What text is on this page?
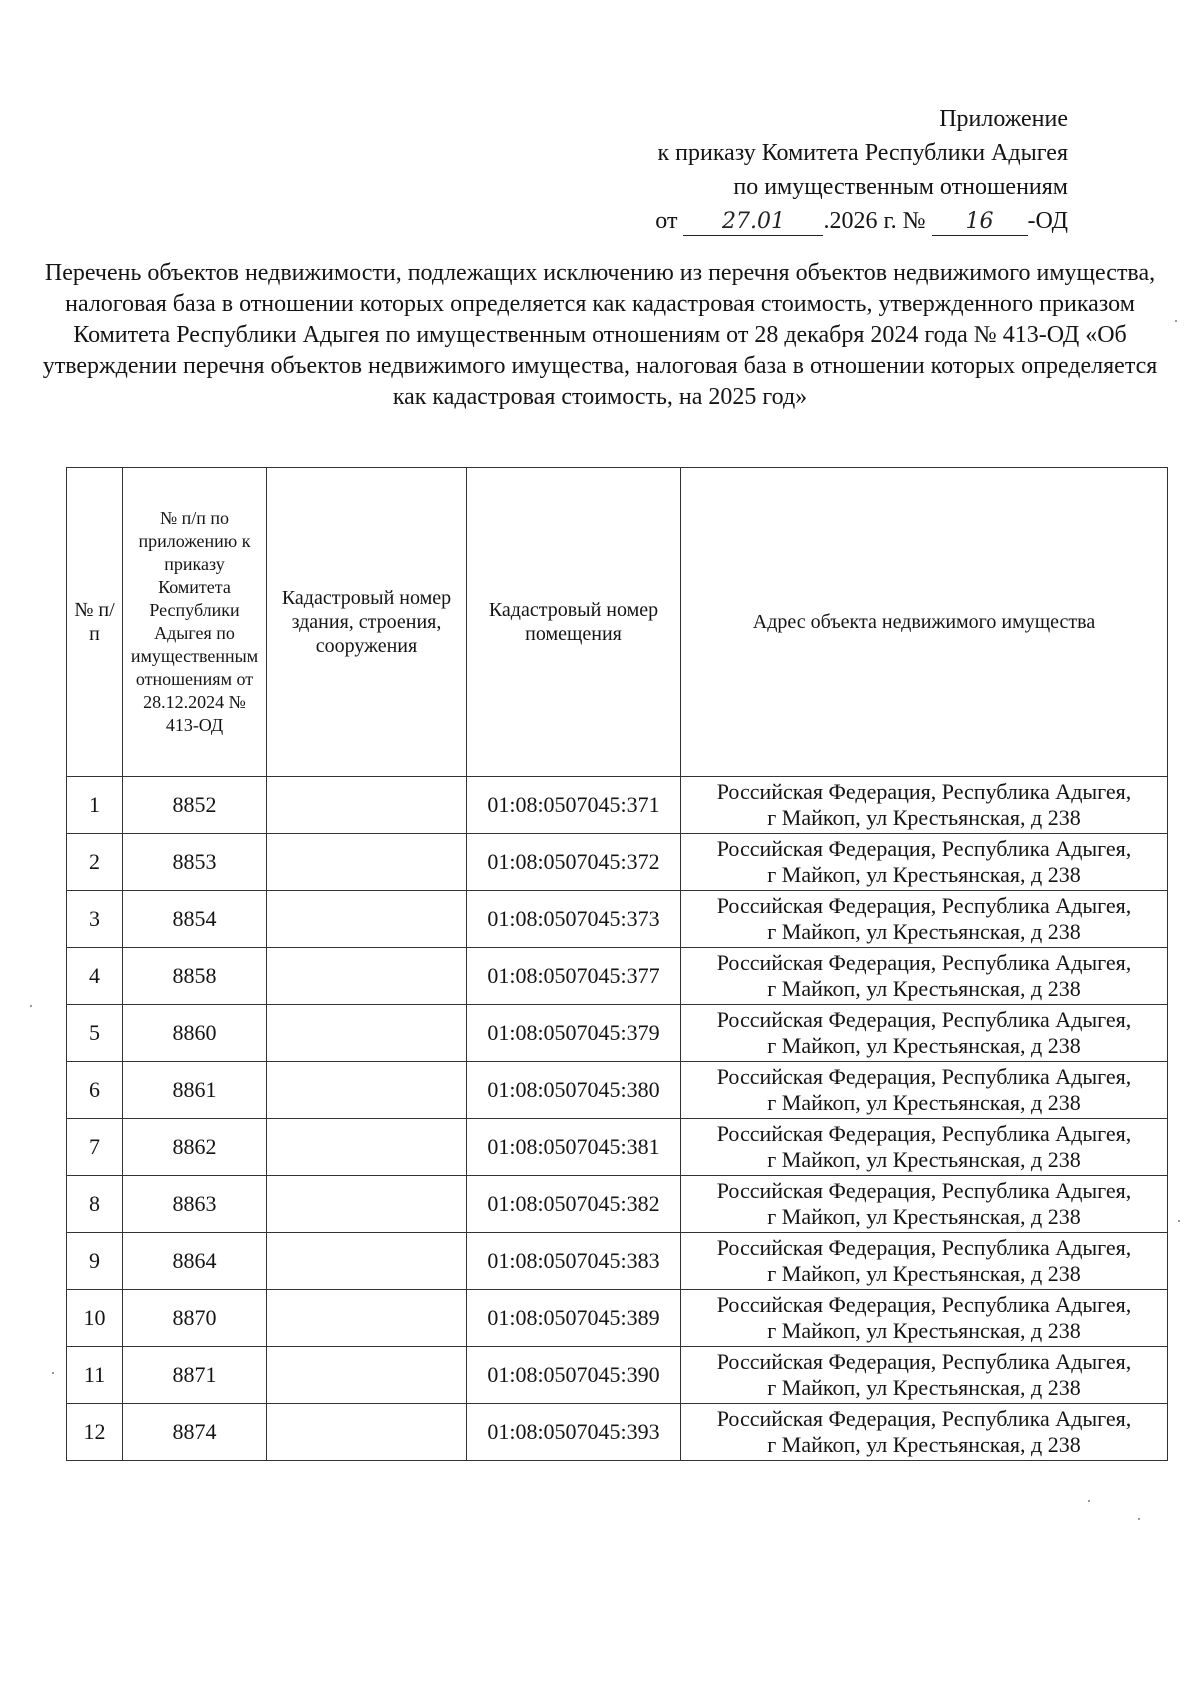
Приложение
к приказу Комитета Республики Адыгея
по имущественным отношениям
от 27.01 .2026 г. № 16 -ОД
Перечень объектов недвижимости, подлежащих исключению из перечня объектов недвижимого имущества, налоговая база в отношении которых определяется как кадастровая стоимость, утвержденного приказом Комитета Республики Адыгея по имущественным отношениям от 28 декабря 2024 года № 413-ОД «Об утверждении перечня объектов недвижимого имущества, налоговая база в отношении которых определяется как кадастровая стоимость, на 2025 год»
№ п/п	№ п/п по приложению к приказу Комитета Республики Адыгея по имущественным отношениям от 28.12.2024 № 413-ОД	Кадастровый номер здания, строения, сооружения	Кадастровый номер помещения	Адрес объекта недвижимого имущества
1	8852		01:08:0507045:371	Российская Федерация, Республика Адыгея,
г Майкоп, ул Крестьянская, д 238
2	8853		01:08:0507045:372	Российская Федерация, Республика Адыгея,
г Майкоп, ул Крестьянская, д 238
3	8854		01:08:0507045:373	Российская Федерация, Республика Адыгея,
г Майкоп, ул Крестьянская, д 238
4	8858		01:08:0507045:377	Российская Федерация, Республика Адыгея,
г Майкоп, ул Крестьянская, д 238
5	8860		01:08:0507045:379	Российская Федерация, Республика Адыгея,
г Майкоп, ул Крестьянская, д 238
6	8861		01:08:0507045:380	Российская Федерация, Республика Адыгея,
г Майкоп, ул Крестьянская, д 238
7	8862		01:08:0507045:381	Российская Федерация, Республика Адыгея,
г Майкоп, ул Крестьянская, д 238
8	8863		01:08:0507045:382	Российская Федерация, Республика Адыгея,
г Майкоп, ул Крестьянская, д 238
9	8864		01:08:0507045:383	Российская Федерация, Республика Адыгея,
г Майкоп, ул Крестьянская, д 238
10	8870		01:08:0507045:389	Российская Федерация, Республика Адыгея,
г Майкоп, ул Крестьянская, д 238
11	8871		01:08:0507045:390	Российская Федерация, Республика Адыгея,
г Майкоп, ул Крестьянская, д 238
12	8874		01:08:0507045:393	Российская Федерация, Республика Адыгея,
г Майкоп, ул Крестьянская, д 238
